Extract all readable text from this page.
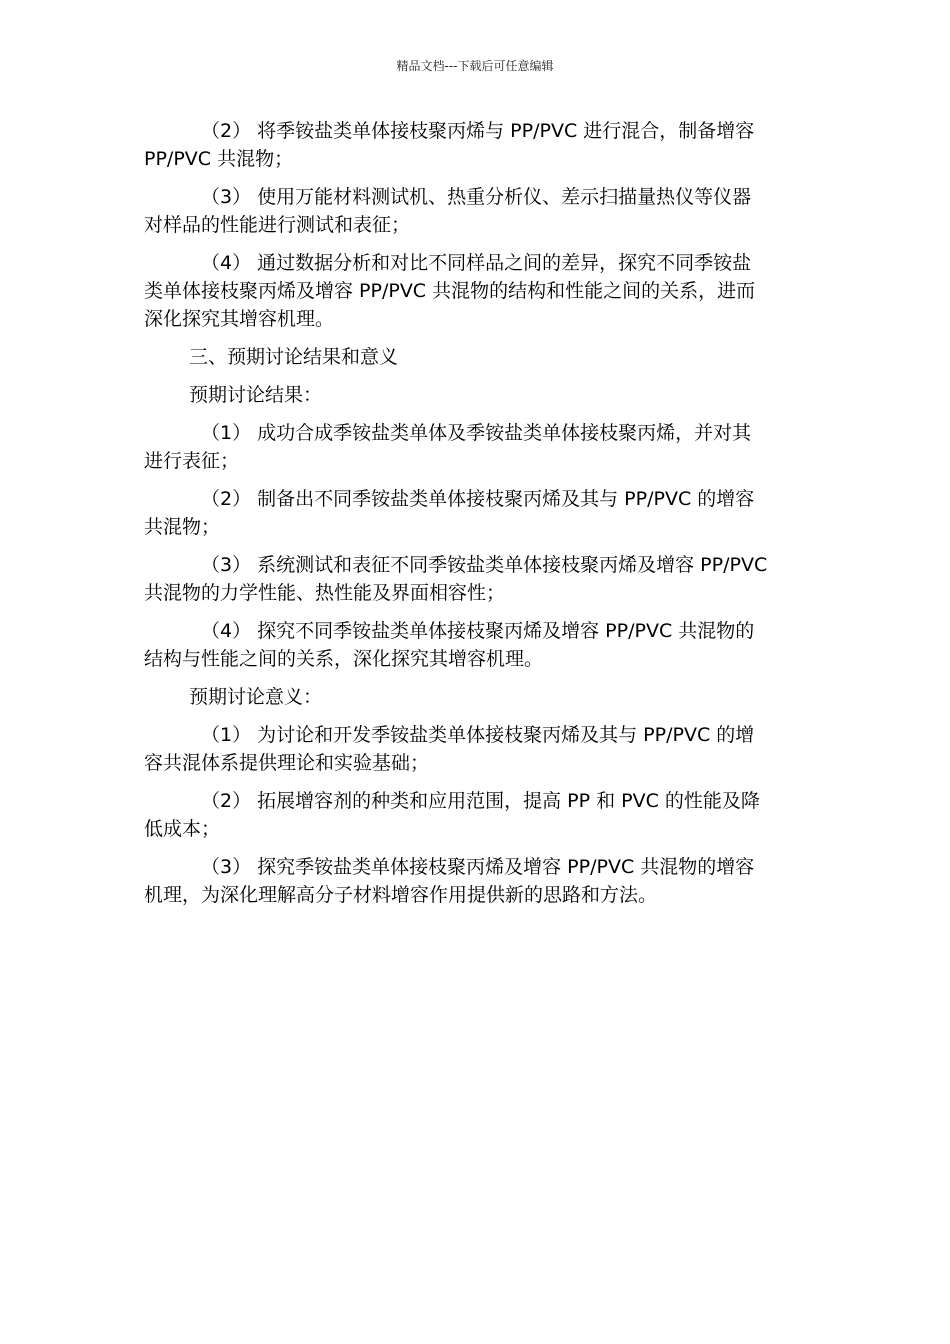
精品文档---下载后可任意编辑

（2） 将季铵盐类单体接枝聚丙烯与 PP/PVC 进行混合，制备增容
PP/PVC 共混物；

（3） 使用万能材料测试机、热重分析仪、差示扫描量热仪等仪器
对样品的性能进行测试和表征；

（4） 通过数据分析和对比不同样品之间的差异，探究不同季铵盐
类单体接枝聚丙烯及增容 PP/PVC 共混物的结构和性能之间的关系，进而
深化探究其增容机理。

三、预期讨论结果和意义

预期讨论结果：

（1） 成功合成季铵盐类单体及季铵盐类单体接枝聚丙烯，并对其
进行表征；

（2） 制备出不同季铵盐类单体接枝聚丙烯及其与 PP/PVC 的增容
共混物；

（3） 系统测试和表征不同季铵盐类单体接枝聚丙烯及增容 PP/PVC
共混物的力学性能、热性能及界面相容性；

（4） 探究不同季铵盐类单体接枝聚丙烯及增容 PP/PVC 共混物的
结构与性能之间的关系，深化探究其增容机理。

预期讨论意义：

（1） 为讨论和开发季铵盐类单体接枝聚丙烯及其与 PP/PVC 的增
容共混体系提供理论和实验基础；

（2） 拓展增容剂的种类和应用范围，提高 PP 和 PVC 的性能及降
低成本；

（3） 探究季铵盐类单体接枝聚丙烯及增容 PP/PVC 共混物的增容
机理，为深化理解高分子材料增容作用提供新的思路和方法。
